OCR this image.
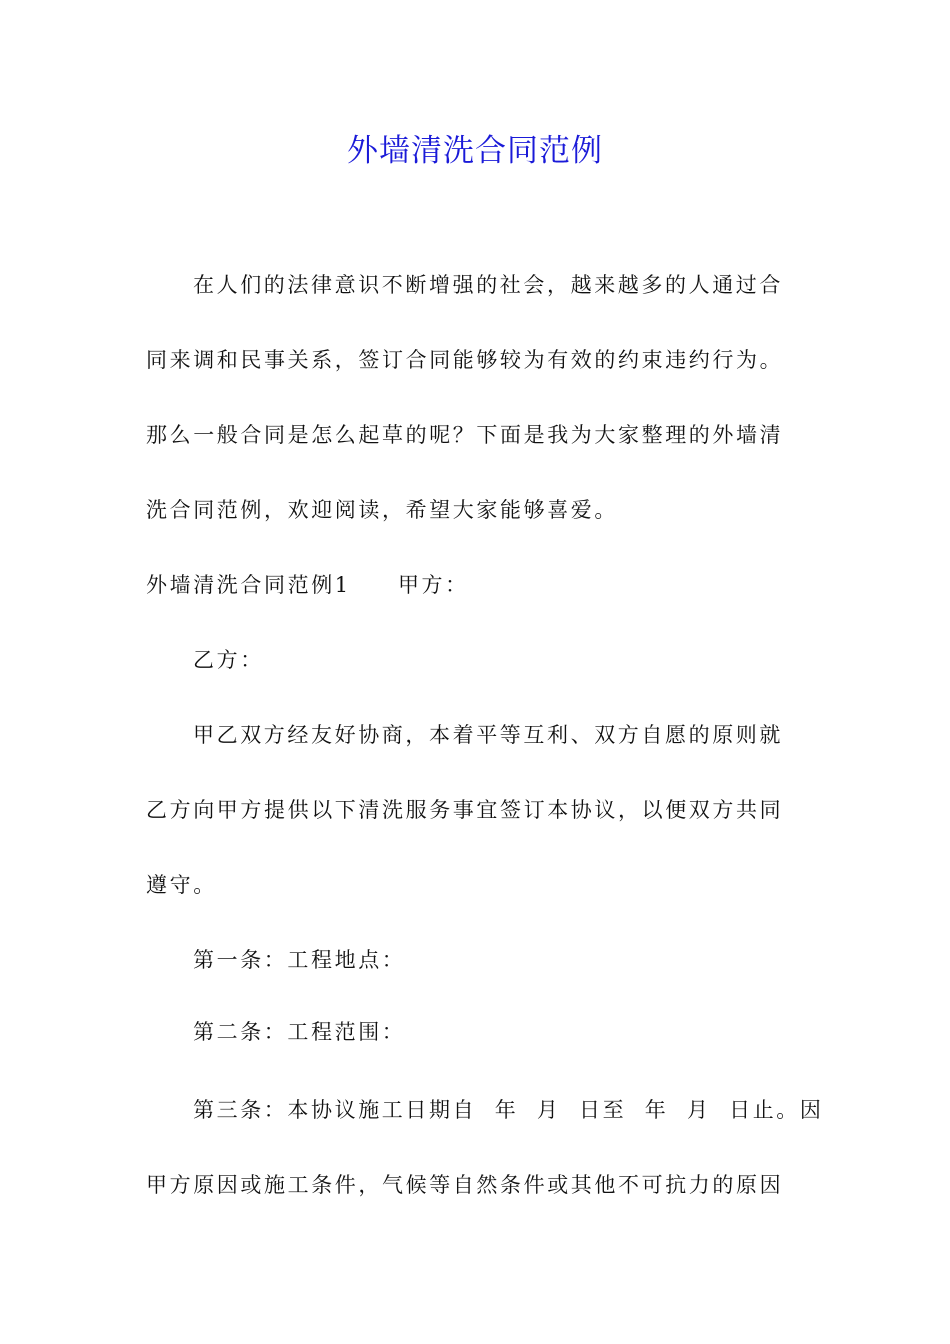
外墙清洗合同范例

在人们的法律意识不断增强的社会，越来越多的人通过合

同来调和民事关系，签订合同能够较为有效的约束违约行为。

那么一般合同是怎么起草的呢？下面是我为大家整理的外墙清

洗合同范例，欢迎阅读，希望大家能够喜爱。

外墙清洗合同范例1　　甲方：

乙方：

甲乙双方经友好协商，本着平等互利、双方自愿的原则就

乙方向甲方提供以下清洗服务事宜签订本协议，以便双方共同

遵守。

第一条：工程地点：

第二条：工程范围：

第三条：本协议施工日期自  年  月  日至  年  月  日止。因

甲方原因或施工条件，气候等自然条件或其他不可抗力的原因
